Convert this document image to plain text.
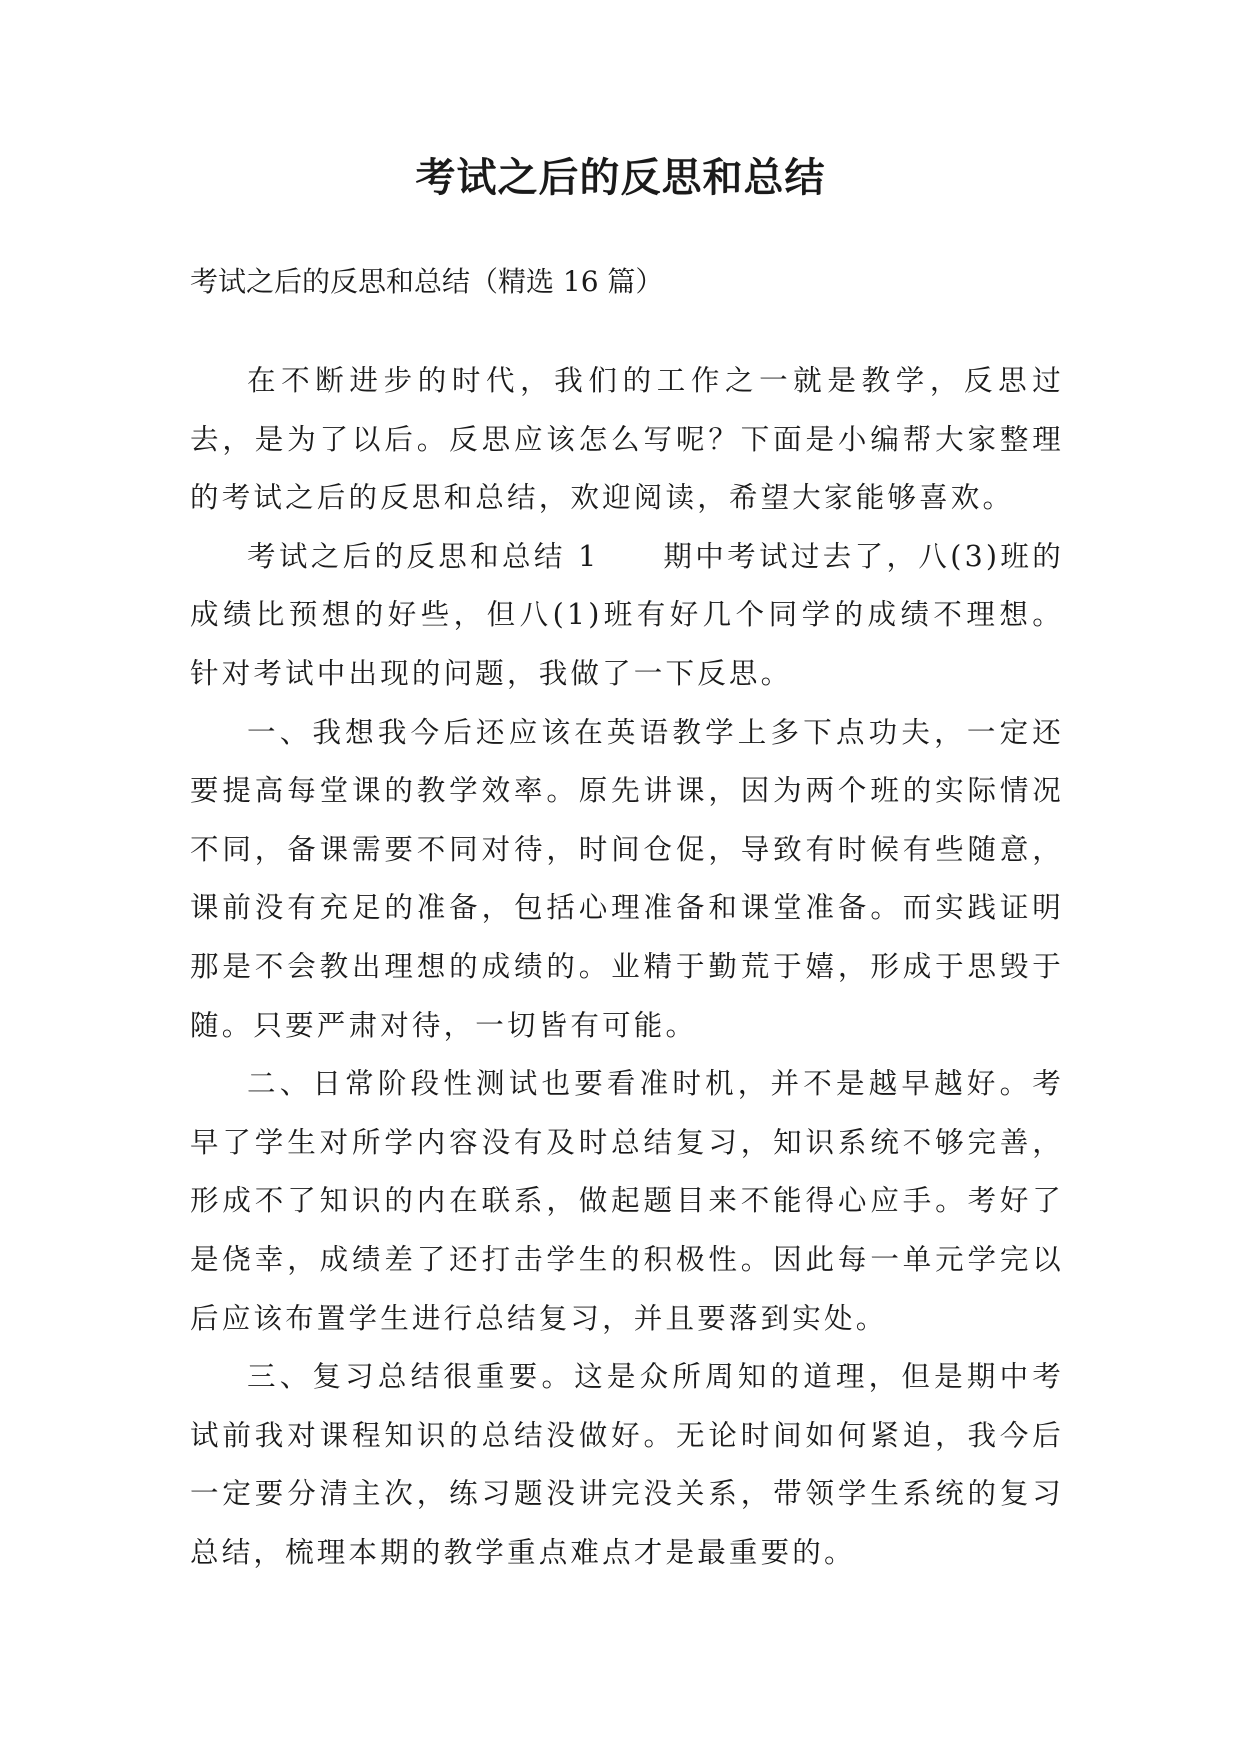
考试之后的反思和总结

考试之后的反思和总结（精选 16 篇）

在不断进步的时代，我们的工作之一就是教学，反思过去，是为了以后。反思应该怎么写呢？下面是小编帮大家整理的考试之后的反思和总结，欢迎阅读，希望大家能够喜欢。

考试之后的反思和总结 1　　期中考试过去了，八(3)班的成绩比预想的好些，但八(1)班有好几个同学的成绩不理想。针对考试中出现的问题，我做了一下反思。

一、我想我今后还应该在英语教学上多下点功夫，一定还要提高每堂课的教学效率。原先讲课，因为两个班的实际情况不同，备课需要不同对待，时间仓促，导致有时候有些随意，课前没有充足的准备，包括心理准备和课堂准备。而实践证明那是不会教出理想的成绩的。业精于勤荒于嬉，形成于思毁于随。只要严肃对待，一切皆有可能。

二、日常阶段性测试也要看准时机，并不是越早越好。考早了学生对所学内容没有及时总结复习，知识系统不够完善，形成不了知识的内在联系，做起题目来不能得心应手。考好了是侥幸，成绩差了还打击学生的积极性。因此每一单元学完以后应该布置学生进行总结复习，并且要落到实处。

三、复习总结很重要。这是众所周知的道理，但是期中考试前我对课程知识的总结没做好。无论时间如何紧迫，我今后一定要分清主次，练习题没讲完没关系，带领学生系统的复习总结，梳理本期的教学重点难点才是最重要的。
